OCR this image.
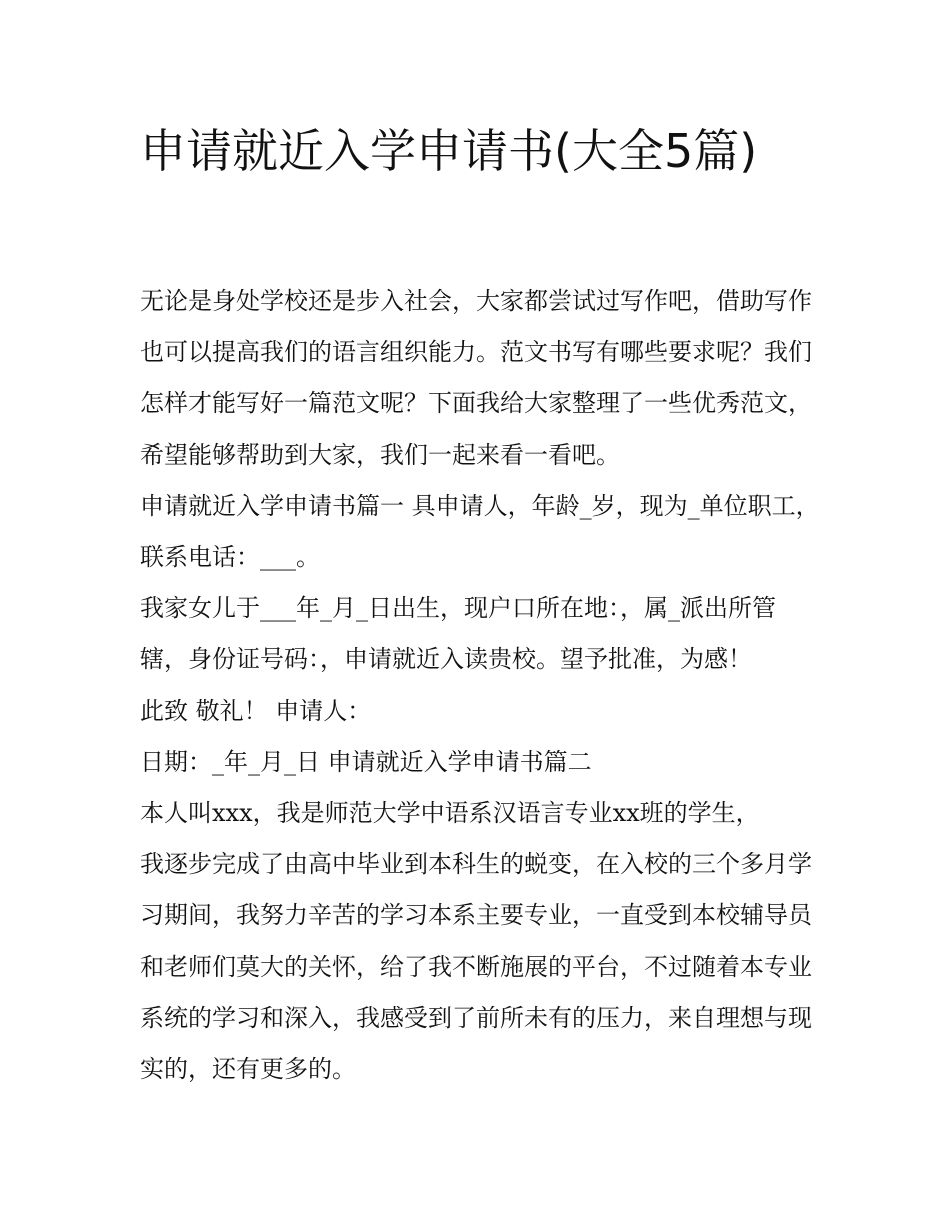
申请就近入学申请书(大全5篇)

无论是身处学校还是步入社会，大家都尝试过写作吧，借助写作也可以提高我们的语言组织能力。范文书写有哪些要求呢？我们怎样才能写好一篇范文呢？下面我给大家整理了一些优秀范文，希望能够帮助到大家，我们一起来看一看吧。

申请就近入学申请书篇一 具申请人，年龄_岁，现为_单位职工，联系电话：___。

我家女儿于___年_月_日出生，现户口所在地：，属_派出所管辖，身份证号码：，申请就近入读贵校。望予批准，为感！

此致 敬礼！ 申请人：

日期：_年_月_日 申请就近入学申请书篇二

本人叫xxx，我是师范大学中语系汉语言专业xx班的学生，

我逐步完成了由高中毕业到本科生的蜕变，在入校的三个多月学习期间，我努力辛苦的学习本系主要专业，一直受到本校辅导员和老师们莫大的关怀，给了我不断施展的平台，不过随着本专业系统的学习和深入，我感受到了前所未有的压力，来自理想与现实的，还有更多的。
